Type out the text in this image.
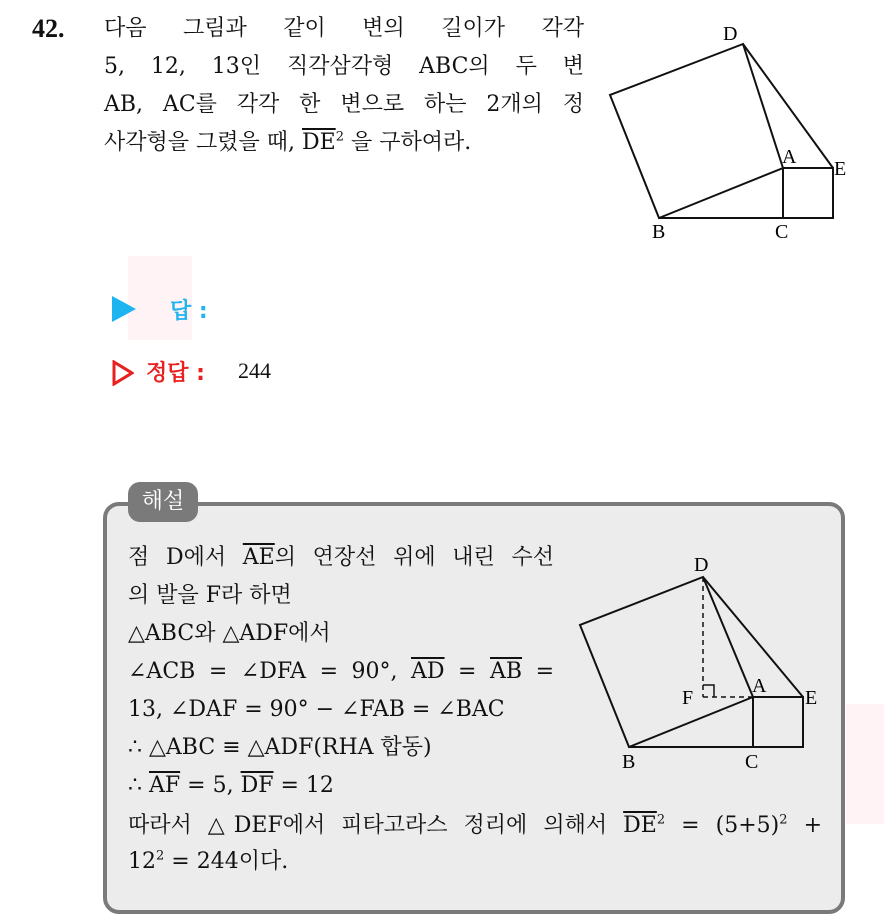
42. 다음 그림과 같이 변의 길이가 각각
5, 12, 13인 직각삼각형 ABC의 두 변
AB, AC를 각각 한 변으로 하는 2개의 정
사각형을 그렸을 때, $\overline{DE}^2$ 을 구하여라.
D
A
E
B	C
답 :
정답 : 244
해설
점 D에서 $\overline{AE}$의 연장선 위에 내린 수선
의 발을 F라 하면
△ABC와 △ADF에서
∠ACB = ∠DFA = 90°, $\overline{AD} = \overline{AB}$ =
13, ∠DAF = 90° − ∠FAB = ∠BAC
∴ △ABC ≡ △ADF(RHA 합동)
∴ $\overline{AF} = 5$, $\overline{DF} = 12$
따라서 △DEF에서 피타고라스 정리에 의해서 $\overline{DE}^2 = (5+5)^2$ +
$12^2 = 244$이다.
D
F
A
E
B	C
